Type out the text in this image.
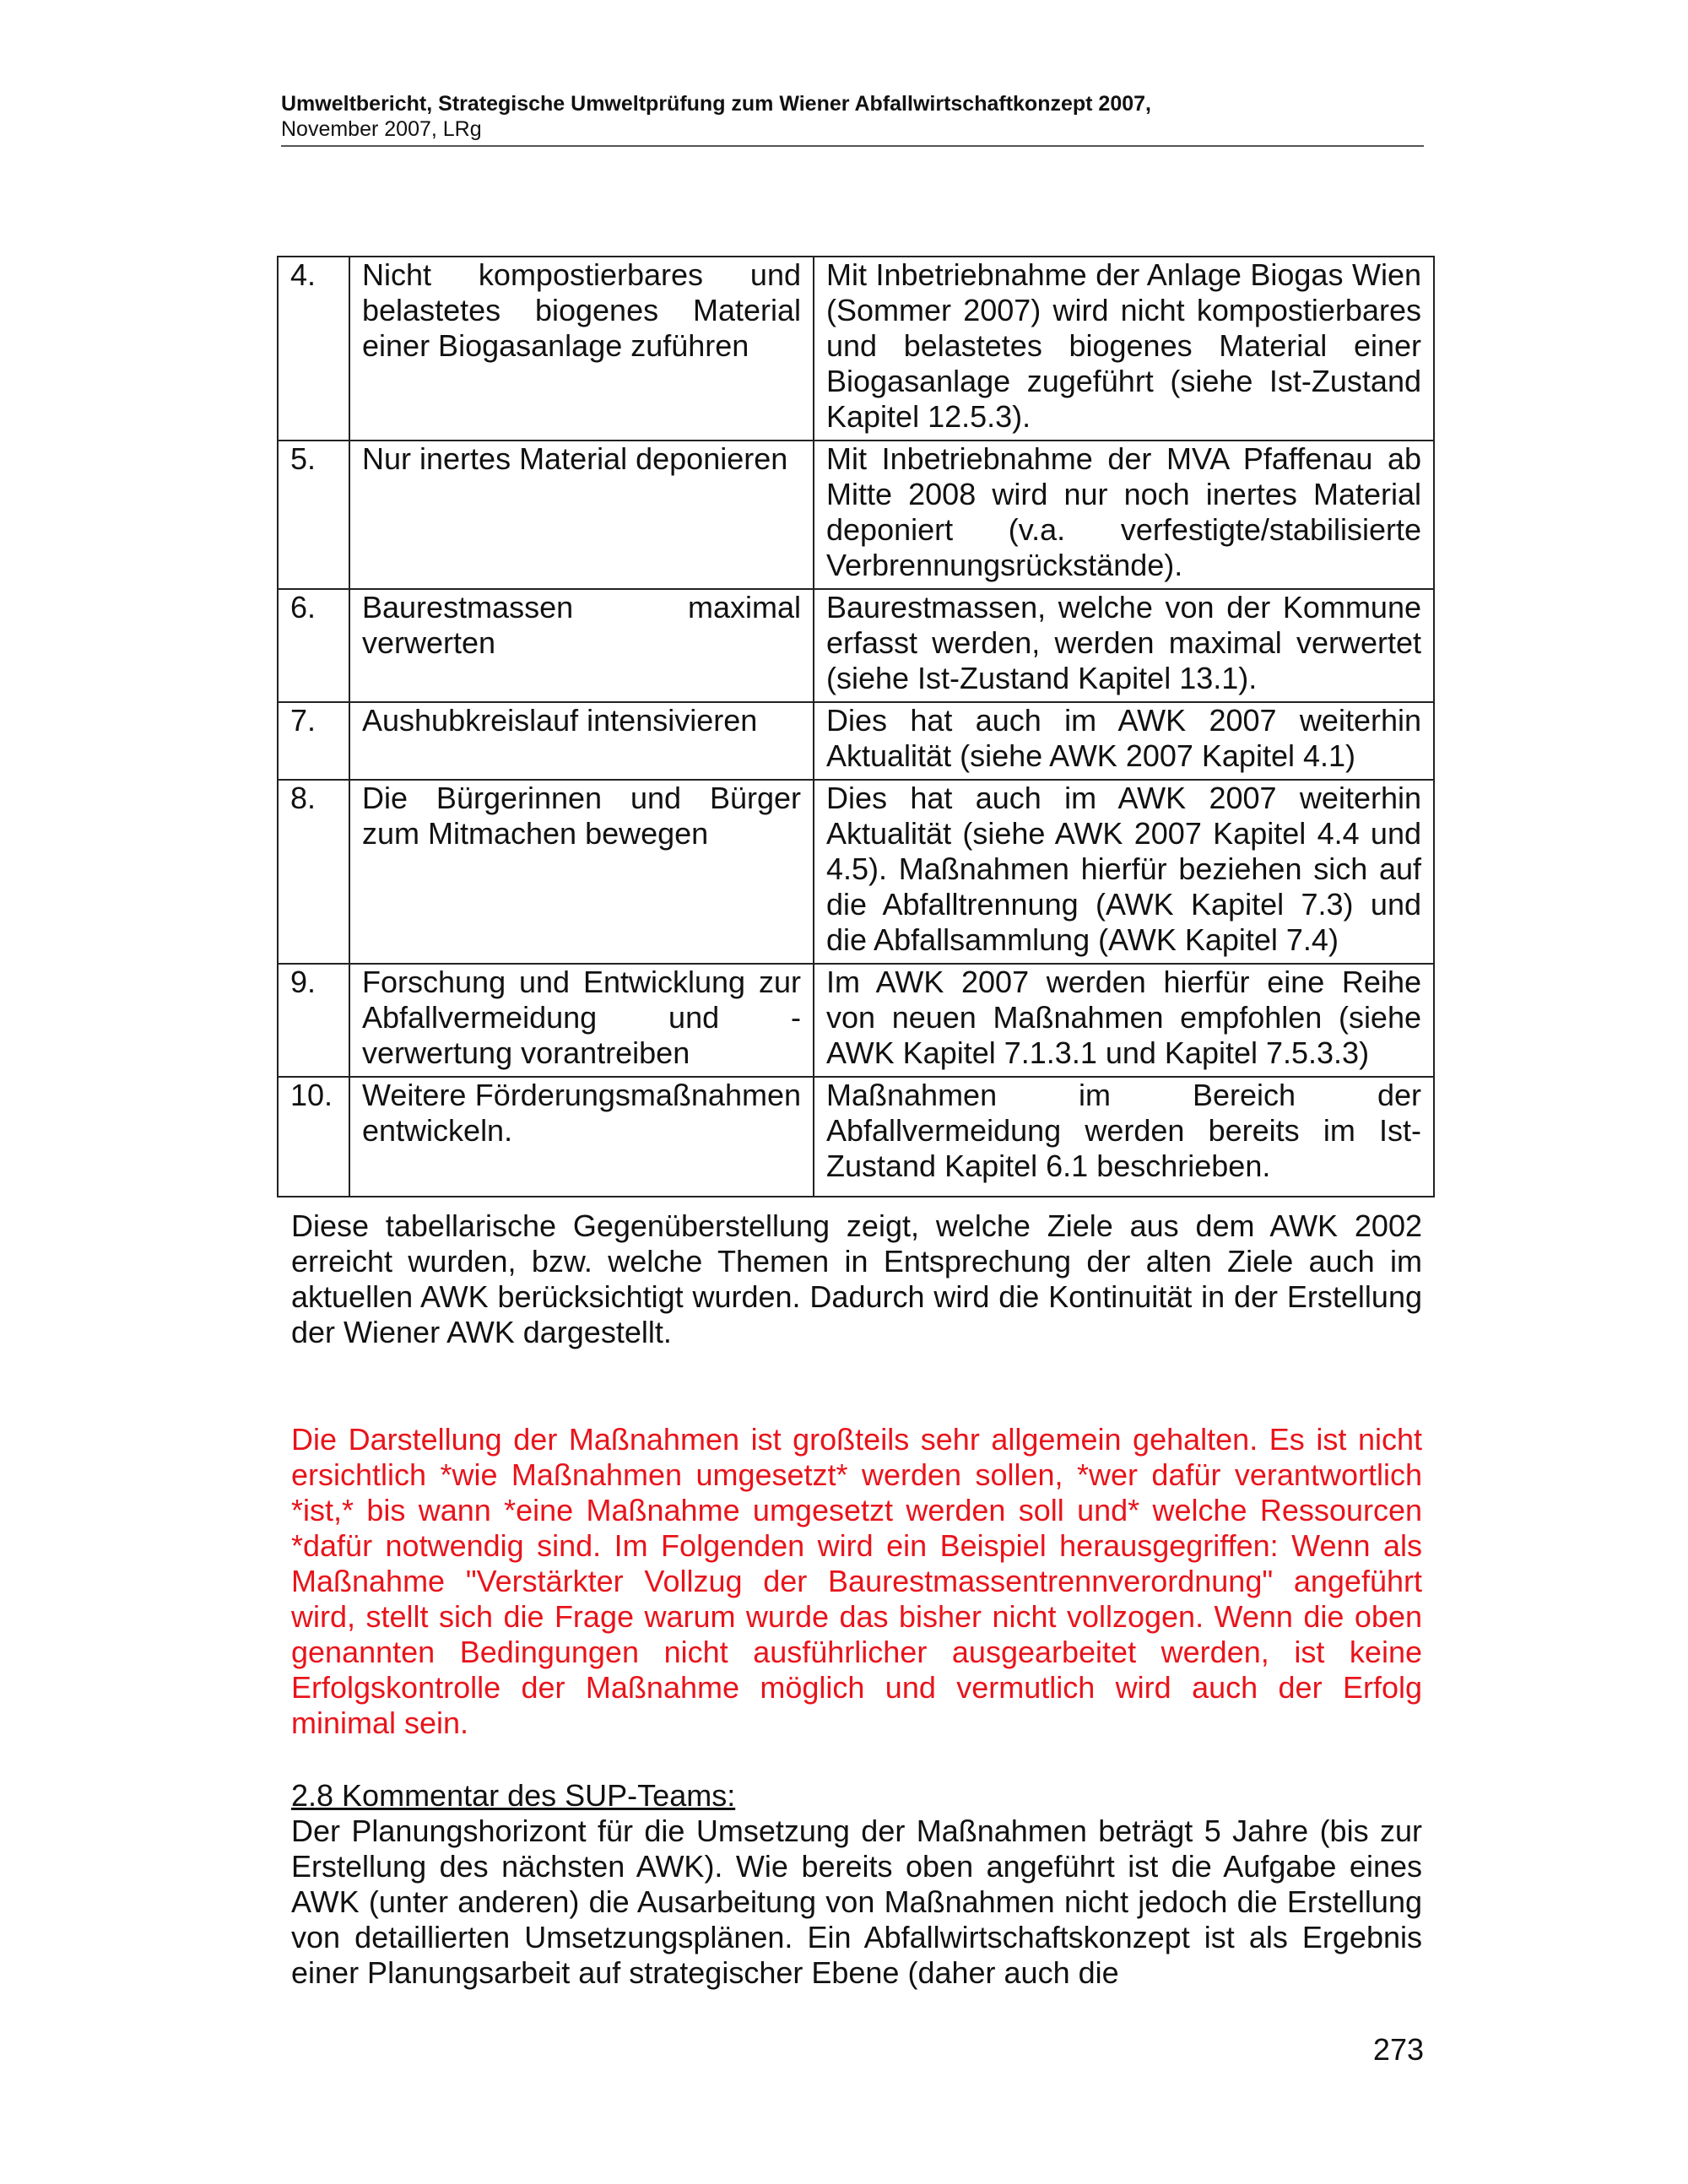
Umweltbericht, Strategische Umweltprüfung zum Wiener Abfallwirtschaftkonzept 2007,
November 2007, LRg
4.	Nicht kompostierbares und belastetes biogenes Material einer Biogasanlage zuführen	Mit Inbetriebnahme der Anlage Biogas Wien (Sommer 2007) wird nicht kompostierbares und belastetes biogenes Material einer Biogasanlage zugeführt (siehe Ist-Zustand Kapitel 12.5.3).
5.	Nur inertes Material deponieren	Mit Inbetriebnahme der MVA Pfaffenau ab Mitte 2008 wird nur noch inertes Material deponiert (v.a. verfestigte/stabilisierte Verbrennungsrückstände).
6.	Baurestmassen maximal verwerten	Baurestmassen, welche von der Kommune erfasst werden, werden maximal verwertet (siehe Ist-Zustand Kapitel 13.1).
7.	Aushubkreislauf intensivieren	Dies hat auch im AWK 2007 weiterhin Aktualität (siehe AWK 2007 Kapitel 4.1)
8.	Die Bürgerinnen und Bürger zum Mitmachen bewegen	Dies hat auch im AWK 2007 weiterhin Aktualität (siehe AWK 2007 Kapitel 4.4 und 4.5). Maßnahmen hierfür beziehen sich auf die Abfalltrennung (AWK Kapitel 7.3) und die Abfallsammlung (AWK Kapitel 7.4)
9.	Forschung und Entwicklung zur Abfallvermeidung und -verwertung vorantreiben	Im AWK 2007 werden hierfür eine Reihe von neuen Maßnahmen empfohlen (siehe AWK Kapitel 7.1.3.1 und Kapitel 7.5.3.3)
10.	Weitere Förderungsmaßnahmen entwickeln.	Maßnahmen im Bereich der Abfallvermeidung werden bereits im Ist-Zustand Kapitel 6.1 beschrieben.

Diese tabellarische Gegenüberstellung zeigt, welche Ziele aus dem AWK 2002 erreicht wurden, bzw. welche Themen in Entsprechung der alten Ziele auch im aktuellen AWK berücksichtigt wurden. Dadurch wird die Kontinuität in der Erstellung der Wiener AWK dargestellt.

Die Darstellung der Maßnahmen ist großteils sehr allgemein gehalten. Es ist nicht ersichtlich *wie Maßnahmen umgesetzt* werden sollen, *wer dafür verantwortlich *ist,* bis wann *eine Maßnahme umgesetzt werden soll und* welche Ressourcen *dafür notwendig sind. Im Folgenden wird ein Beispiel herausgegriffen: Wenn als Maßnahme "Verstärkter Vollzug der Baurestmassentrennverordnung" angeführt wird, stellt sich die Frage warum wurde das bisher nicht vollzogen. Wenn die oben genannten Bedingungen nicht ausführlicher ausgearbeitet werden, ist keine Erfolgskontrolle der Maßnahme möglich und vermutlich wird auch der Erfolg minimal sein.

2.8 Kommentar des SUP-Teams:
Der Planungshorizont für die Umsetzung der Maßnahmen beträgt 5 Jahre (bis zur Erstellung des nächsten AWK). Wie bereits oben angeführt ist die Aufgabe eines AWK (unter anderen) die Ausarbeitung von Maßnahmen nicht jedoch die Erstellung von detaillierten Umsetzungsplänen. Ein Abfallwirtschaftskonzept ist als Ergebnis einer Planungsarbeit auf strategischer Ebene (daher auch die
273
